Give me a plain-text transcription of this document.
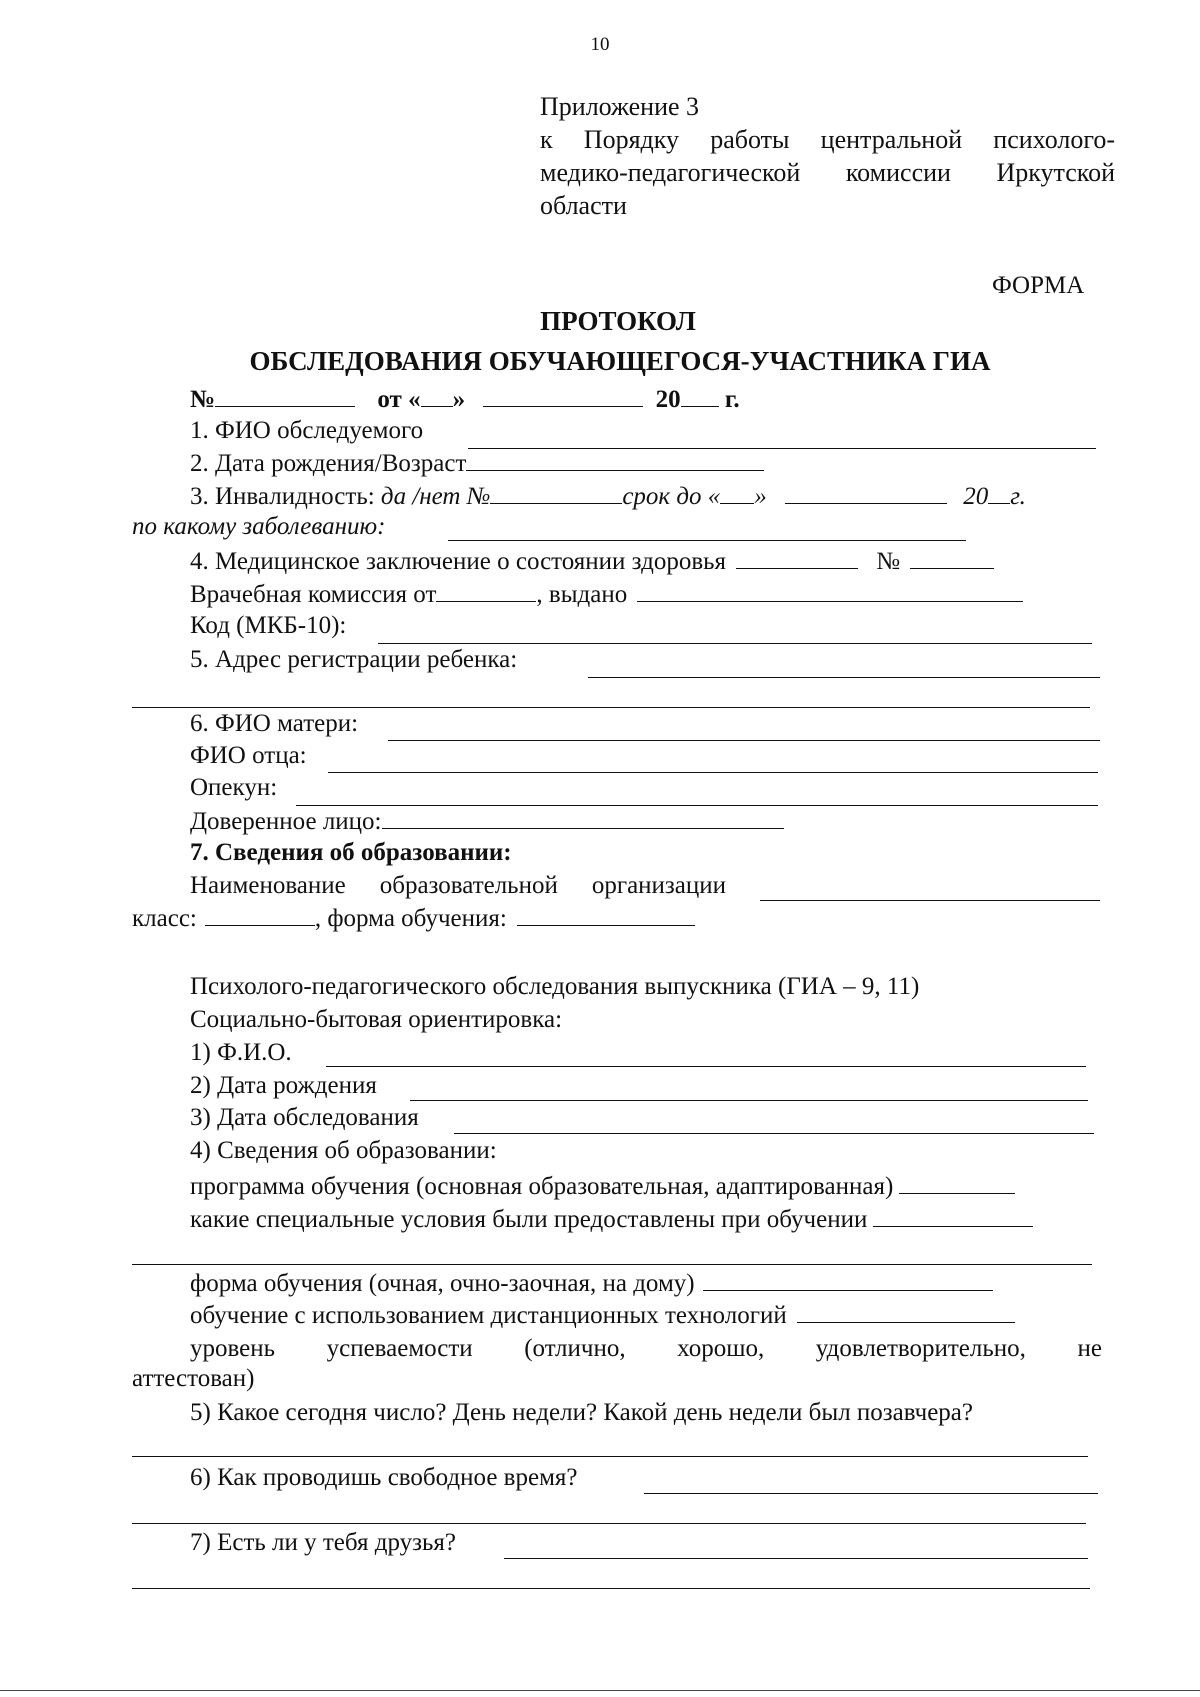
10
Приложение 3
к Порядку работы центральной психолого-
медико-педагогической комиссии Иркутской
области
ФОРМА
ПРОТОКОЛ
ОБСЛЕДОВАНИЯ ОБУЧАЮЩЕГОСЯ-УЧАСТНИКА ГИА
№	от « »	20 г.
1. ФИО обследуемого
2. Дата рождения/Возраст
3. Инвалидность: да /нет №	срок до « »	20 г.
по какому заболеванию:
4. Медицинское заключение о состоянии здоровья	№
Врачебная комиссия от	, выдано
Код (МКБ-10):
5. Адрес регистрации ребенка:
6. ФИО матери:
ФИО отца:
Опекун:
Доверенное лицо:
7. Сведения об образовании:
Наименование образовательной организации
класс:	, форма обучения:
Психолого-педагогического обследования выпускника (ГИА – 9, 11)
Социально-бытовая ориентировка:
1) Ф.И.О.
2) Дата рождения
3) Дата обследования
4) Сведения об образовании:
программа обучения (основная образовательная, адаптированная)
какие специальные условия были предоставлены при обучении
форма обучения (очная, очно-заочная, на дому)
обучение с использованием дистанционных технологий
уровень успеваемости (отлично, хорошо, удовлетворительно, не
аттестован)
5) Какое сегодня число? День недели? Какой день недели был позавчера?
6) Как проводишь свободное время?
7) Есть ли у тебя друзья?
